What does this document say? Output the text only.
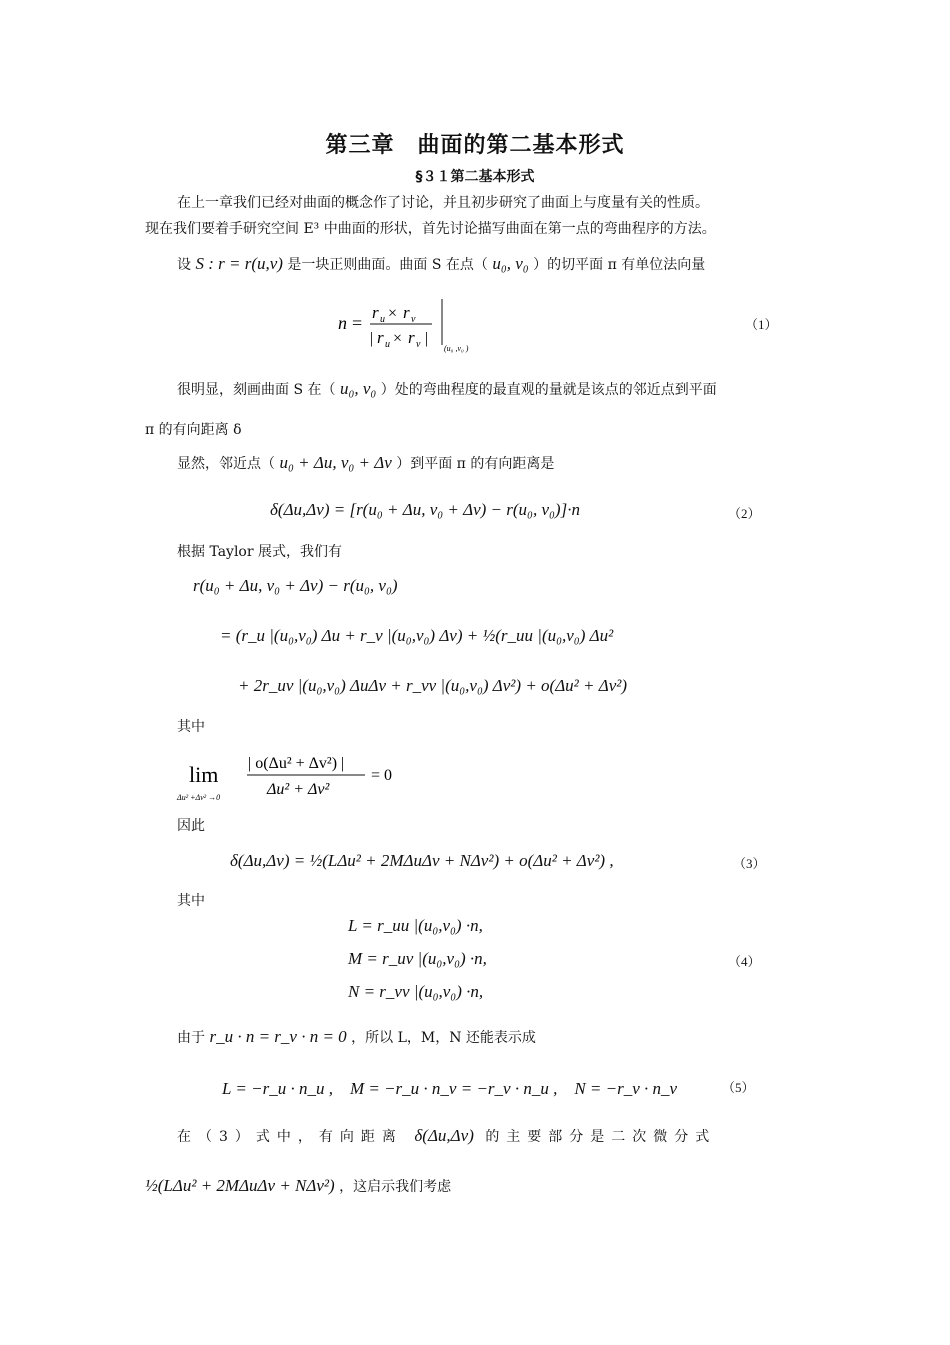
第三章　曲面的第二基本形式
§３１第二基本形式
在上一章我们已经对曲面的概念作了讨论，并且初步研究了曲面上与度量有关的性质。
现在我们要着手研究空间 E³ 中曲面的形状，首先讨论描写曲面在第一点的弯曲程序的方法。
设 S : r = r(u,v) 是一块正则曲面。曲面 S 在点（ u₀, v₀ ）的切平面 π 有单位法向量
n =
r u × r v
| r u × r v |
(u₀ ,v₀ )
（1）
很明显，刻画曲面 S 在（ u₀, v₀ ）处的弯曲程度的最直观的量就是该点的邻近点到平面
π 的有向距离 δ
显然，邻近点（ u₀ + Δu, v₀ + Δv ）到平面 π 的有向距离是
δ(Δu,Δv) = [r(u₀ + Δu, v₀ + Δv) − r(u₀, v₀)]·n	（2）
根据 Taylor 展式，我们有
r(u₀ + Δu, v₀ + Δv) − r(u₀, v₀)
= (r_u |(u₀,v₀) Δu + r_v |(u₀,v₀) Δv) + ½(r_uu |(u₀,v₀) Δu²
+ 2r_uv |(u₀,v₀) ΔuΔv + r_vv |(u₀,v₀) Δv²) + o(Δu² + Δv²)
其中
lim
Δu² +Δv² →0
| o(Δu² + Δv²) |
Δu² + Δv²
= 0
因此
δ(Δu,Δv) = ½(LΔu² + 2MΔuΔv + NΔv²) + o(Δu² + Δv²) ,	（3）
其中
L = r_uu |(u₀,v₀) ·n,
M = r_uv |(u₀,v₀) ·n,
N = r_vv |(u₀,v₀) ·n,
（4）
由于 r_u · n = r_v · n = 0 ，所以 L，M，N 还能表示成
L = −r_u · n_u ,　M = −r_u · n_v = −r_v · n_u ,　N = −r_v · n_v	（5）
在（3）式中，有向距离 δ(Δu,Δv) 的主要部分是二次微分式
½(LΔu² + 2MΔuΔv + NΔv²) ，这启示我们考虑
